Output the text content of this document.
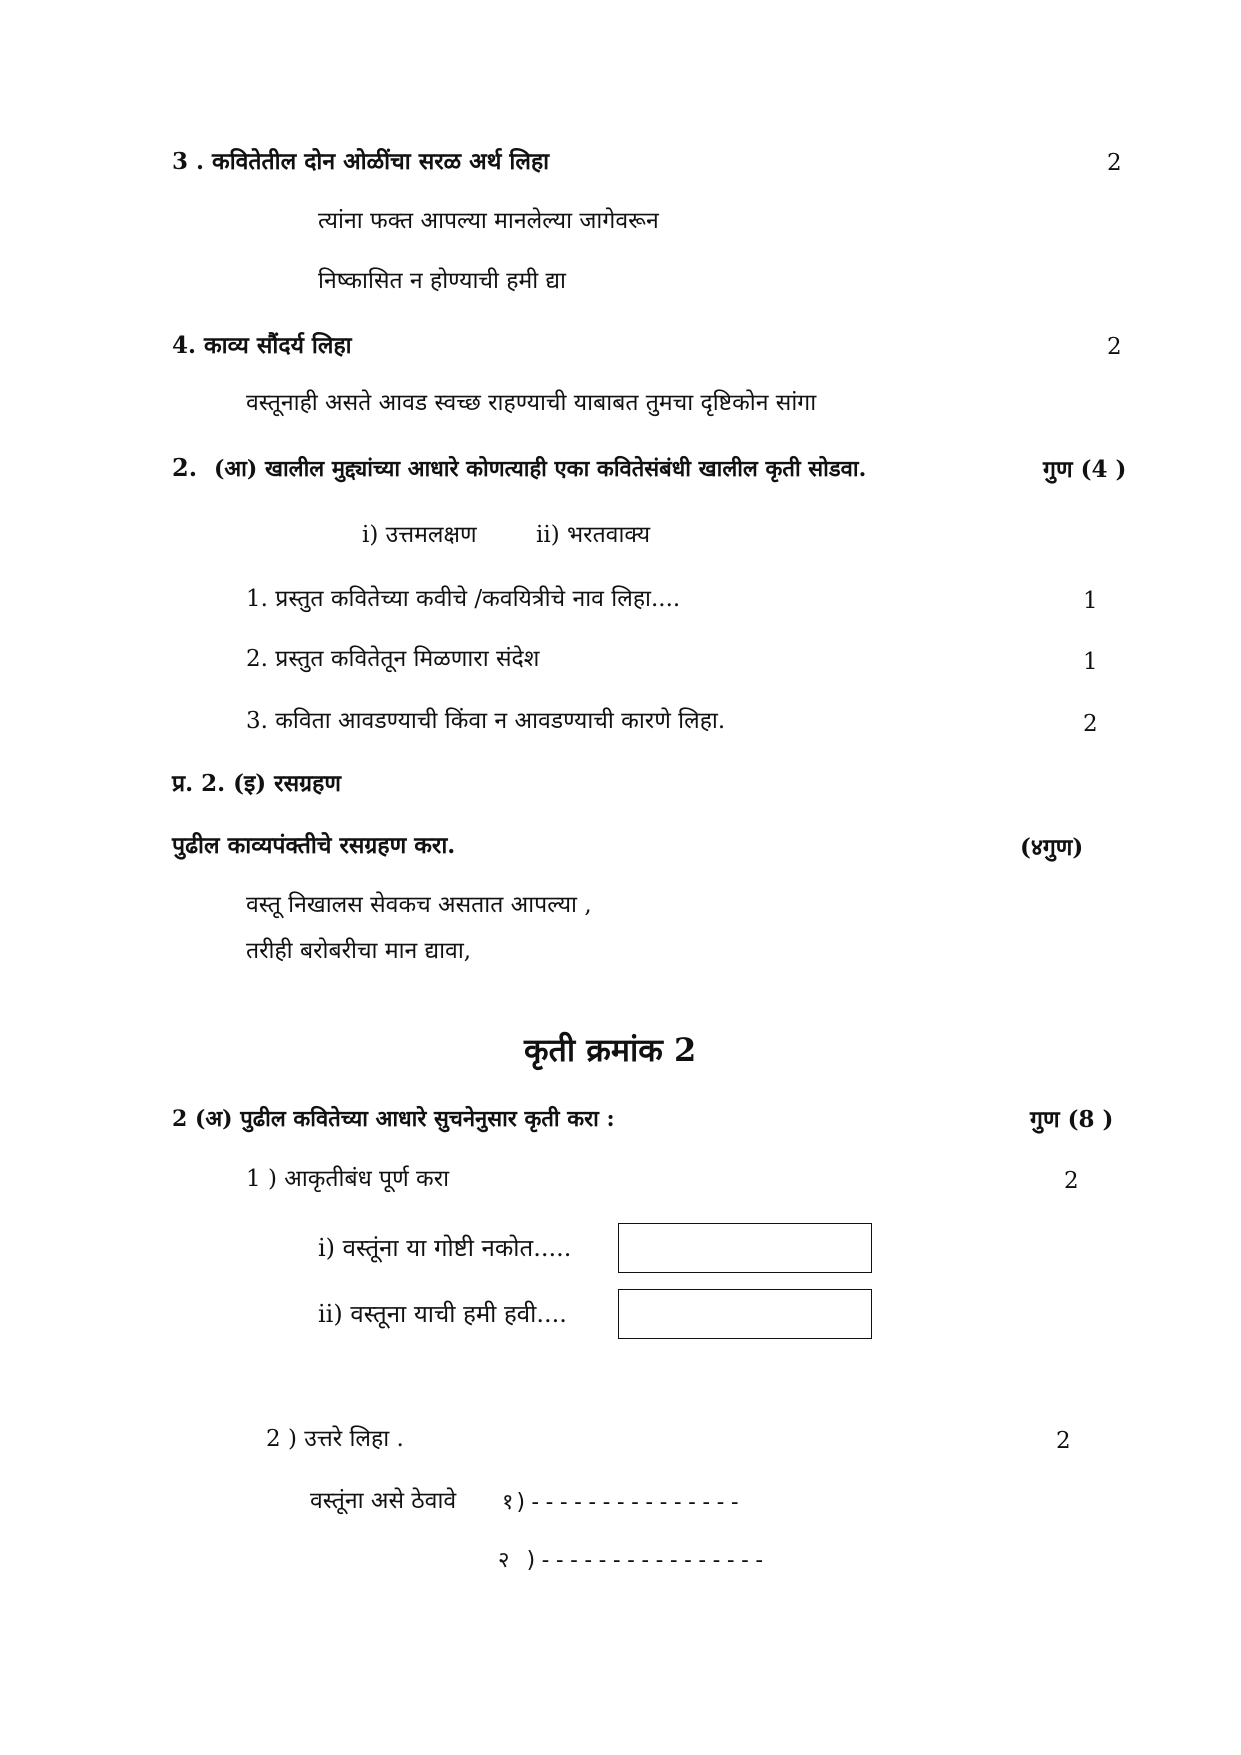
3 . कवितेतील दोन ओळींचा सरळ अर्थ लिहा	2
त्यांना फक्त आपल्या मानलेल्या जागेवरून
निष्कासित न होण्याची हमी द्या
4. काव्य सौंदर्य लिहा	2
वस्तूनाही असते आवड स्वच्छ राहण्याची याबाबत तुमचा दृष्टिकोन सांगा
2. (आ) खालील मुद्द्यांच्या आधारे कोणत्याही एका कवितेसंबंधी खालील कृती सोडवा.	गुण (4 )
i) उत्तमलक्षण	ii) भरतवाक्य
1. प्रस्तुत कवितेच्या कवीचे /कवयित्रीचे नाव लिहा....	1
2. प्रस्तुत कवितेतून मिळणारा संदेश	1
3. कविता आवडण्याची किंवा न आवडण्याची कारणे लिहा.	2
प्र. 2. (इ) रसग्रहण
पुढील काव्यपंक्तीचे रसग्रहण करा.	(४गुण)
वस्तू निखालस सेवकच असतात आपल्या ,
तरीही बरोबरीचा मान द्यावा,
कृती क्रमांक 2
2 (अ) पुढील कवितेच्या आधारे सुचनेनुसार कृती करा :	गुण (8 )
1 ) आकृतीबंध पूर्ण करा	2
i) वस्तूंना या गोष्टी नकोत.....
ii) वस्तूना याची हमी हवी....
2 ) उत्तरे लिहा .	2
वस्तूंना असे ठेवावे १)---------------
२ )----------------
